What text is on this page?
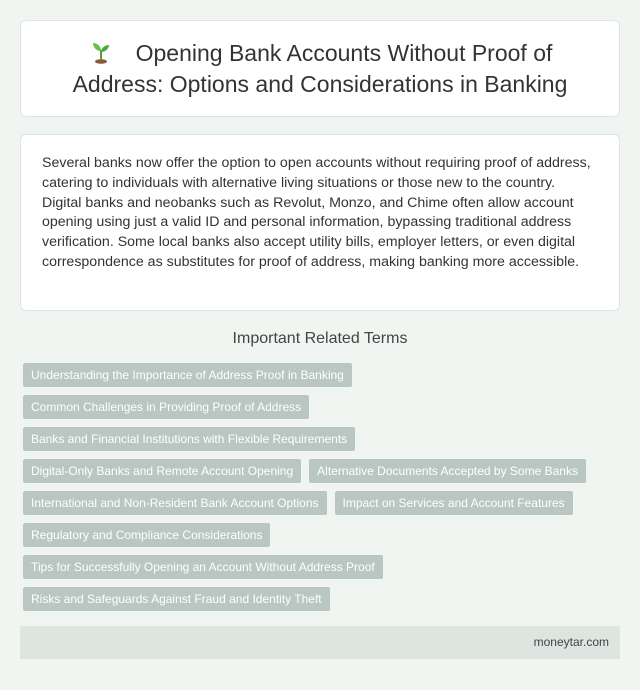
Opening Bank Accounts Without Proof of Address: Options and Considerations in Banking

Several banks now offer the option to open accounts without requiring proof of address, catering to individuals with alternative living situations or those new to the country. Digital banks and neobanks such as Revolut, Monzo, and Chime often allow account opening using just a valid ID and personal information, bypassing traditional address verification. Some local banks also accept utility bills, employer letters, or even digital correspondence as substitutes for proof of address, making banking more accessible.

Important Related Terms
Understanding the Importance of Address Proof in Banking
Common Challenges in Providing Proof of Address
Banks and Financial Institutions with Flexible Requirements
Digital-Only Banks and Remote Account Opening	Alternative Documents Accepted by Some Banks
International and Non-Resident Bank Account Options	Impact on Services and Account Features
Regulatory and Compliance Considerations
Tips for Successfully Opening an Account Without Address Proof
Risks and Safeguards Against Fraud and Identity Theft
moneytar.com
